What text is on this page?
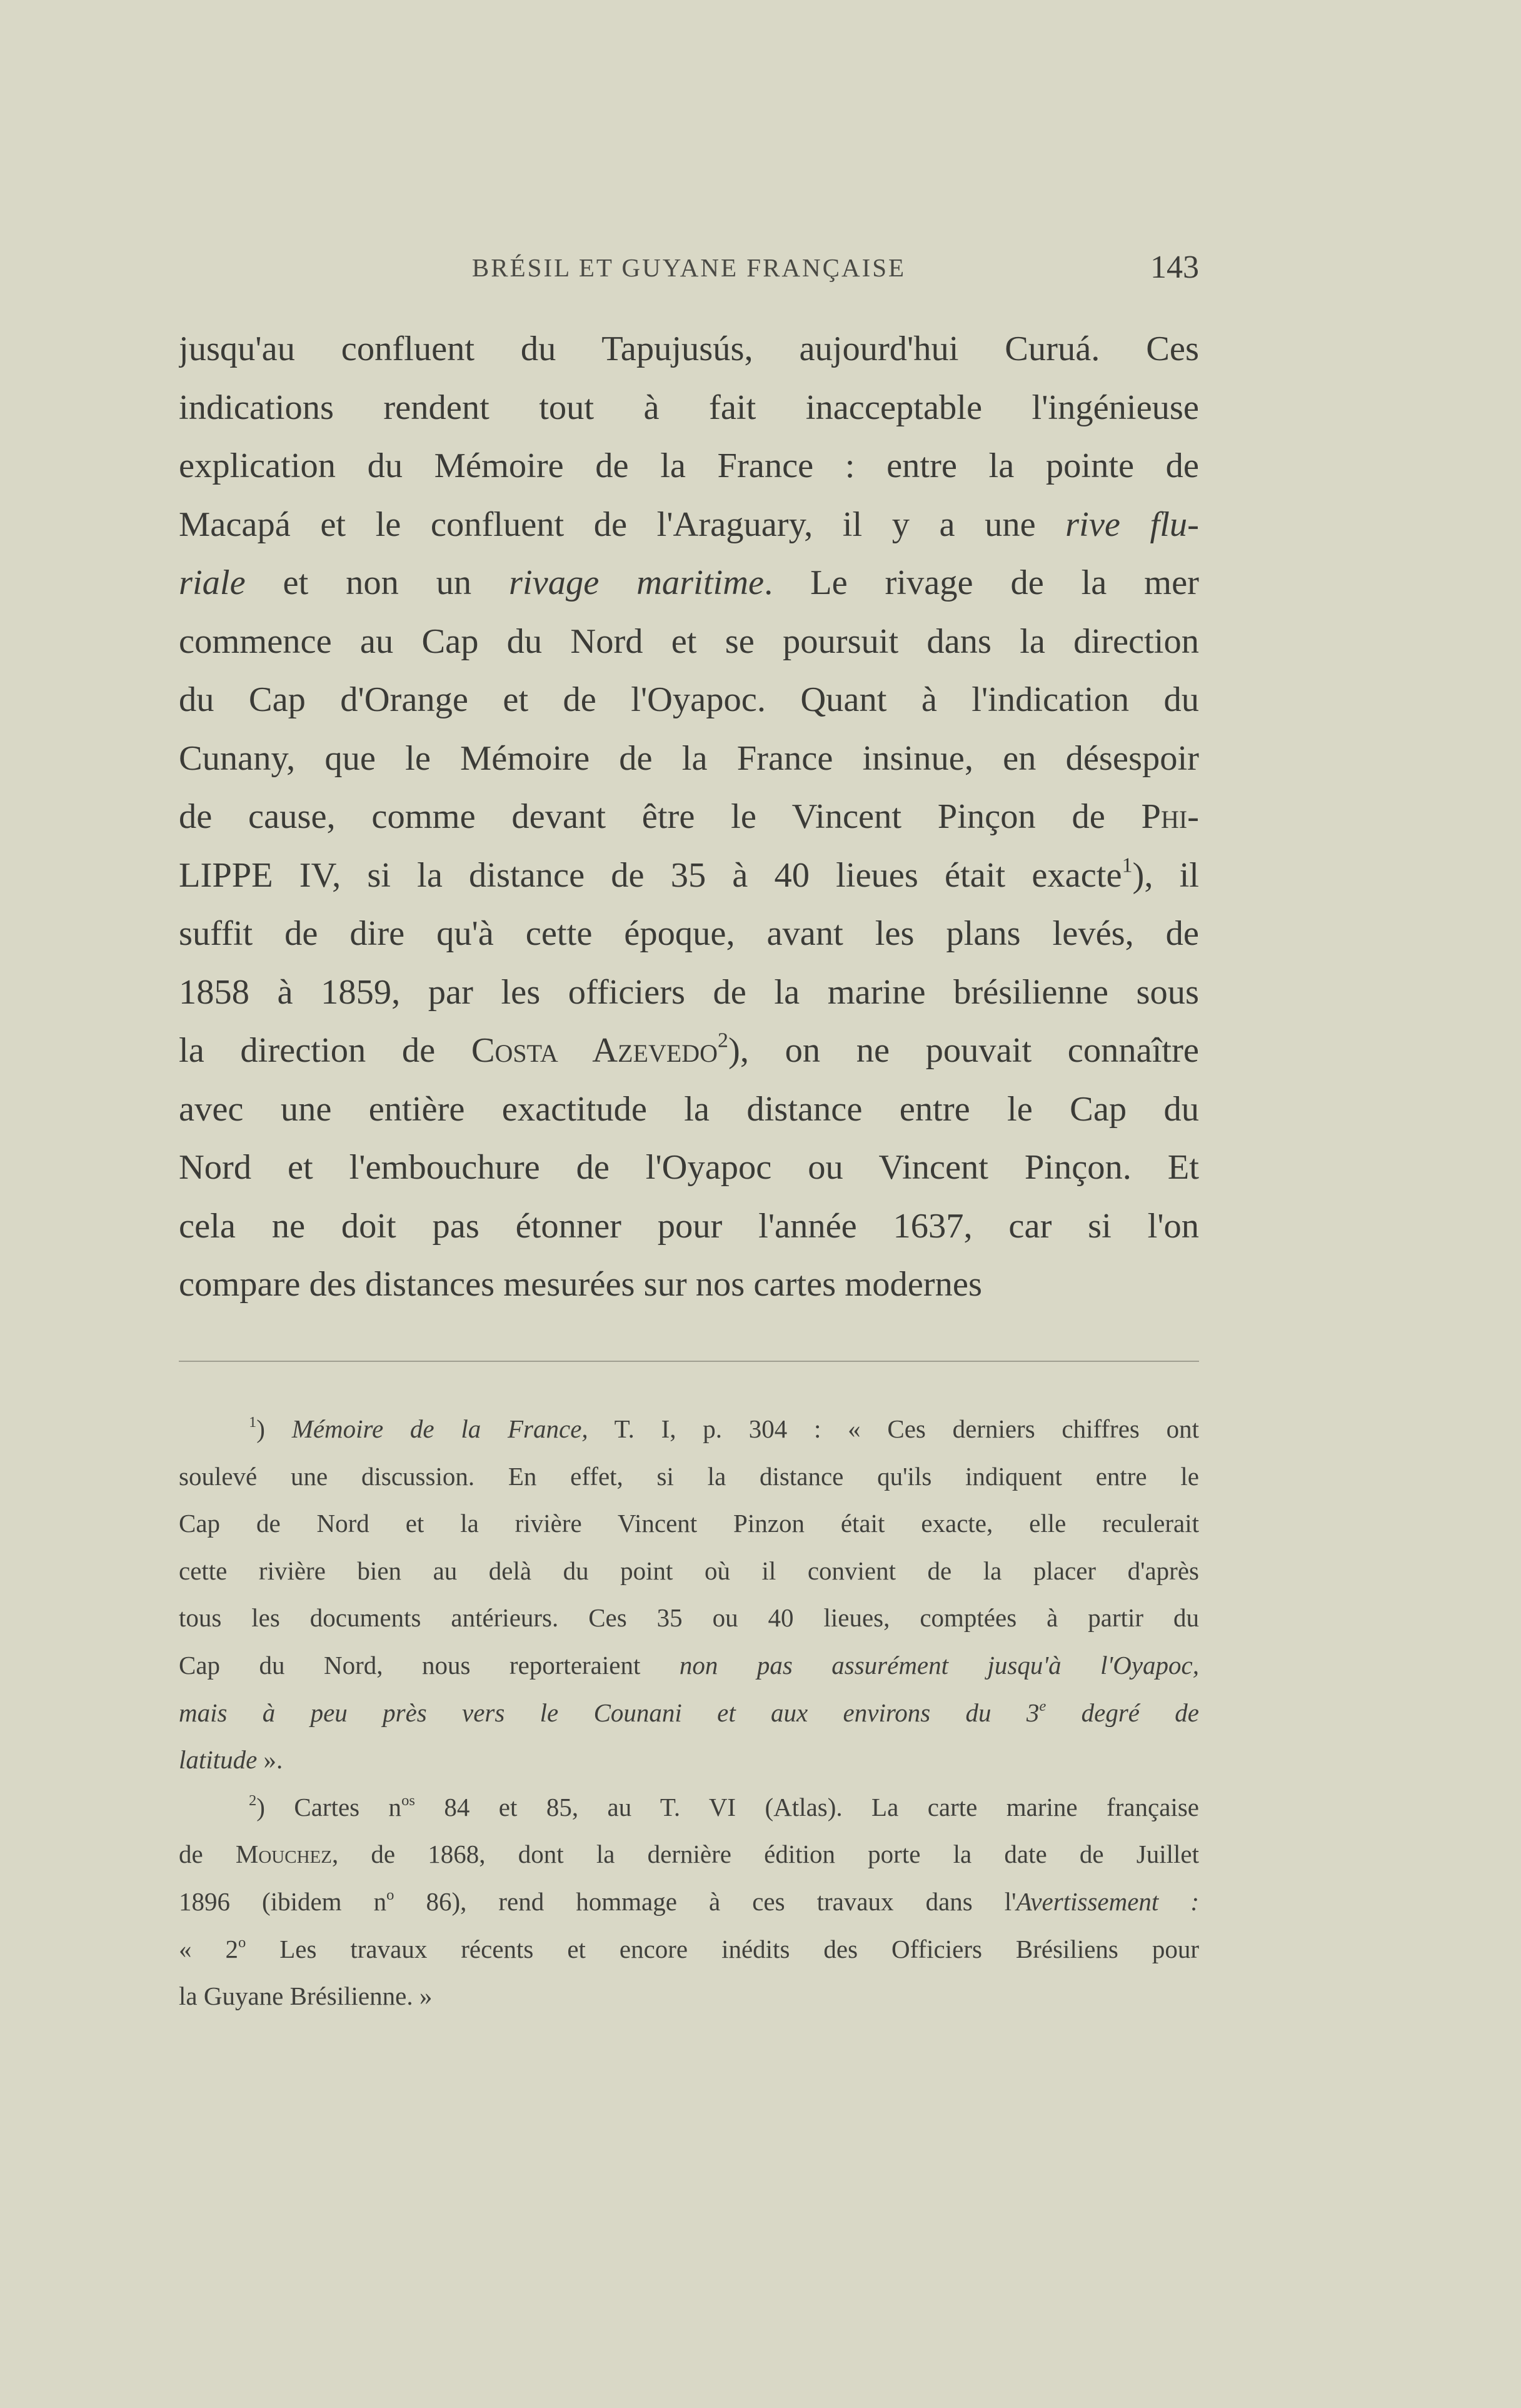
BRÉSIL ET GUYANE FRANÇAISE	143
jusqu'au confluent du Tapujusús, aujourd'hui Curuá. Ces
indications rendent tout à fait inacceptable l'ingénieuse
explication du Mémoire de la France : entre la pointe de
Macapá et le confluent de l'Araguary, il y a une rive flu-
riale et non un rivage maritime. Le rivage de la mer
commence au Cap du Nord et se poursuit dans la direction
du Cap d'Orange et de l'Oyapoc. Quant à l'indication du
Cunany, que le Mémoire de la France insinue, en désespoir
de cause, comme devant être le Vincent Pinçon de Phi-
LIPPE IV, si la distance de 35 à 40 lieues était exacte$^1$), il
suffit de dire qu'à cette époque, avant les plans levés, de
1858 à 1859, par les officiers de la marine brésilienne sous
la direction de Costa Azevedo$^2$), on ne pouvait connaître
avec une entière exactitude la distance entre le Cap du
Nord et l'embouchure de l'Oyapoc ou Vincent Pinçon. Et
cela ne doit pas étonner pour l'année 1637, car si l'on
compare des distances mesurées sur nos cartes modernes
$^1$) Mémoire de la France, T. I, p. 304 : « Ces derniers chiffres ont
soulevé une discussion. En effet, si la distance qu'ils indiquent entre le
Cap de Nord et la rivière Vincent Pinzon était exacte, elle reculerait
cette rivière bien au delà du point où il convient de la placer d'après
tous les documents antérieurs. Ces 35 ou 40 lieues, comptées à partir du
Cap du Nord, nous reporteraient non pas assurément jusqu'à l'Oyapoc,
mais à peu près vers le Counani et aux environs du 3e degré de
latitude ».
$^2$) Cartes $n^{os}$ 84 et 85, au T. VI (Atlas). La carte marine française
de Mouchez, de 1868, dont la dernière édition porte la date de Juillet
1896 (ibidem $n^o$ 86), rend hommage à ces travaux dans l'Avertissement :
« 2$^o$ Les travaux récents et encore inédits des Officiers Brésiliens pour
la Guyane Brésilienne. »
